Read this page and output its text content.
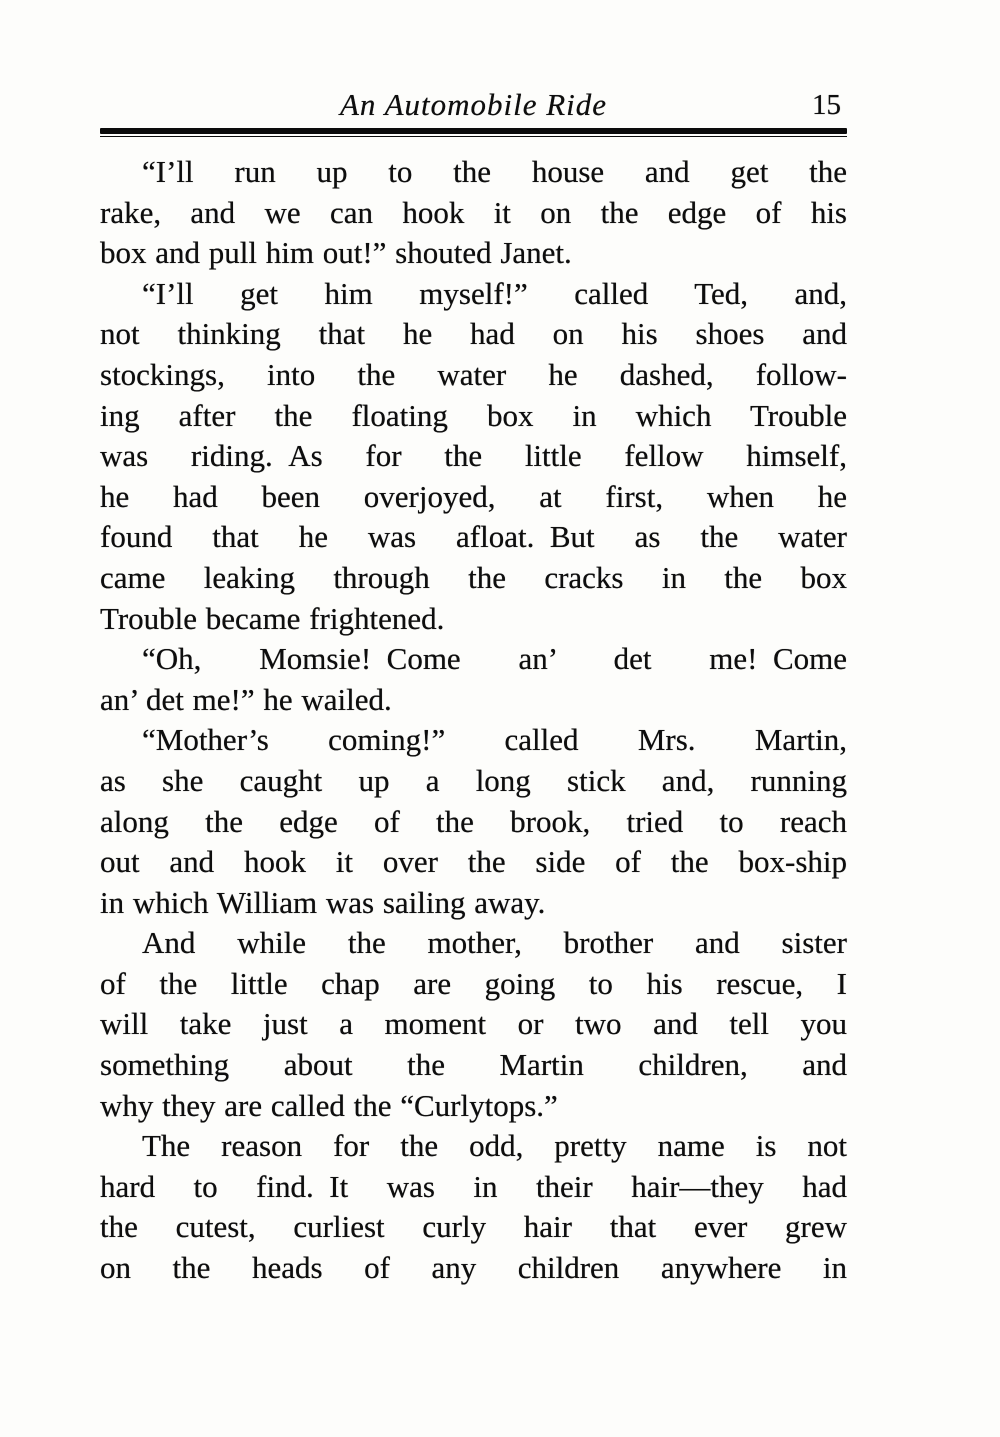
An Automobile Ride	15

“I’ll run up to the house and get the
rake, and we can hook it on the edge of his
box and pull him out!” shouted Janet.

“I’ll get him myself!” called Ted, and,
not thinking that he had on his shoes and
stockings, into the water he dashed, follow-
ing after the floating box in which Trouble
was riding. As for the little fellow himself,
he had been overjoyed, at first, when he
found that he was afloat. But as the water
came leaking through the cracks in the box
Trouble became frightened.

“Oh, Momsie! Come an’ det me! Come
an’ det me!” he wailed.

“Mother’s coming!” called Mrs. Martin,
as she caught up a long stick and, running
along the edge of the brook, tried to reach
out and hook it over the side of the box-ship
in which William was sailing away.

And while the mother, brother and sister
of the little chap are going to his rescue, I
will take just a moment or two and tell you
something about the Martin children, and
why they are called the “Curlytops.”

The reason for the odd, pretty name is not
hard to find. It was in their hair—they had
the cutest, curliest curly hair that ever grew
on the heads of any children anywhere in
